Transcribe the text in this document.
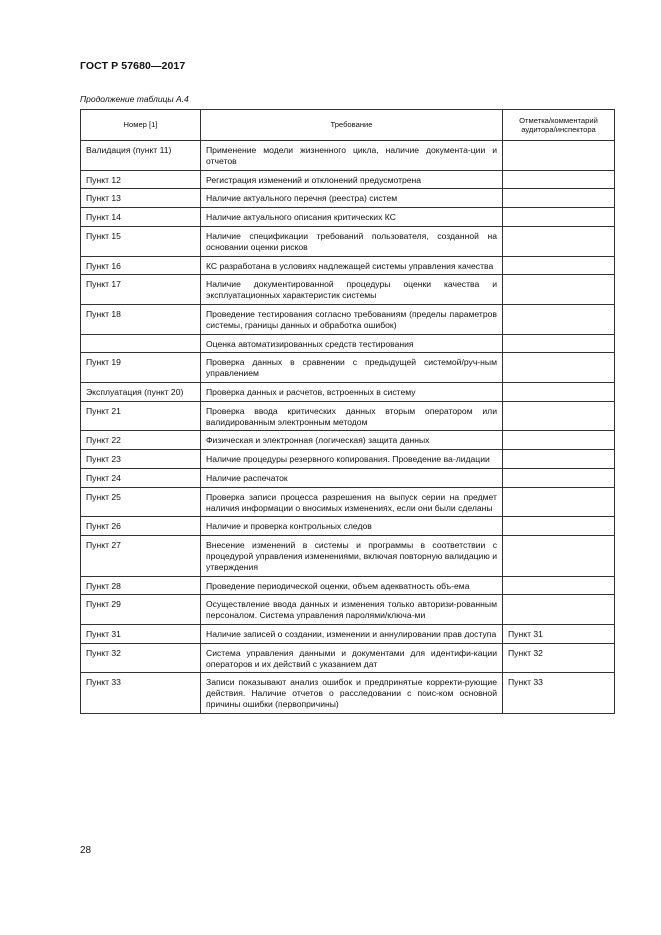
ГОСТ Р 57680—2017
Продолжение таблицы А.4
Номер [1]	Требование	Отметка/комментарий аудитора/инспектора
Валидация (пункт 11)	Применение модели жизненного цикла, наличие документа-ции и отчетов	
Пункт 12	Регистрация изменений и отклонений предусмотрена	
Пункт 13	Наличие актуального перечня (реестра) систем	
Пункт 14	Наличие актуального описания критических КС	
Пункт 15	Наличие спецификации требований пользователя, созданной на основании оценки рисков	
Пункт 16	КС разработана в условиях надлежащей системы управления качества	
Пункт 17	Наличие документированной процедуры оценки качества и эксплуатационных характеристик системы	
Пункт 18	Проведение тестирования согласно требованиям (пределы параметров системы, границы данных и обработка ошибок)	
	Оценка автоматизированных средств тестирования	
Пункт 19	Проверка данных в сравнении с предыдущей системой/руч-ным управлением	
Эксплуатация (пункт 20)	Проверка данных и расчетов, встроенных в систему	
Пункт 21	Проверка ввода критических данных вторым оператором или валидированным электронным методом	
Пункт 22	Физическая и электронная (логическая) защита данных	
Пункт 23	Наличие процедуры резервного копирования. Проведение ва-лидации	
Пункт 24	Наличие распечаток	
Пункт 25	Проверка записи процесса разрешения на выпуск серии на предмет наличия информации о вносимых изменениях, если они были сделаны	
Пункт 26	Наличие и проверка контрольных следов	
Пункт 27	Внесение изменений в системы и программы в соответствии с процедурой управления изменениями, включая повторную валидацию и утверждения	
Пункт 28	Проведение периодической оценки, объем адекватность объ-ема	
Пункт 29	Осуществление ввода данных и изменения только авторизи-рованным персоналом. Система управления паролями/ключа-ми	
Пункт 31	Наличие записей о создании, изменении и аннулировании прав доступа	Пункт 31
Пункт 32	Система управления данными и документами для идентифи-кации операторов и их действий с указанием дат	Пункт 32
Пункт 33	Записи показывают анализ ошибок и предпринятые корректи-рующие действия. Наличие отчетов о расследовании с поис-ком основной причины ошибки (первопричины)	Пункт 33
28
